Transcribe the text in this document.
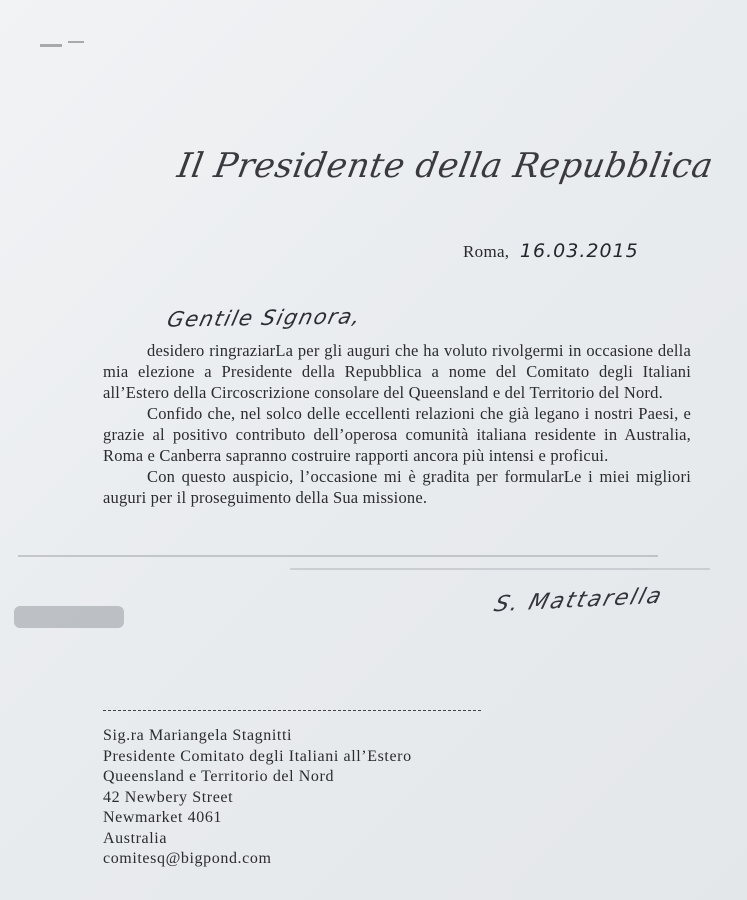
Il Presidente della Repubblica
Roma, 16.03.2015
Gentile Signora,

desidero ringraziarLa per gli auguri che ha voluto rivolgermi in occasione della mia elezione a Presidente della Repubblica a nome del Comitato degli Italiani all’Estero della Circoscrizione consolare del Queensland e del Territorio del Nord.

Confido che, nel solco delle eccellenti relazioni che già legano i nostri Paesi, e grazie al positivo contributo dell’operosa comunità italiana residente in Australia, Roma e Canberra sapranno costruire rapporti ancora più intensi e proficui.

Con questo auspicio, l’occasione mi è gradita per formularLe i miei migliori auguri per il proseguimento della Sua missione.

S. Mattarella
Sig.ra Mariangela Stagnitti
Presidente Comitato degli Italiani all’Estero
Queensland e Territorio del Nord
42 Newbery Street
Newmarket 4061
Australia
comitesq@bigpond.com
